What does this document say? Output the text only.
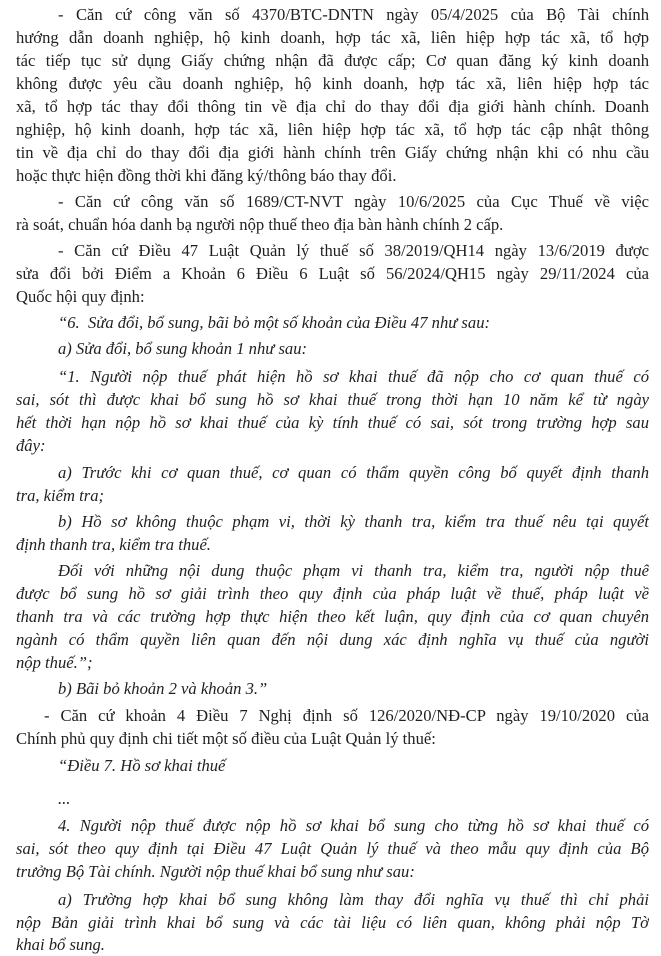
- Căn cứ công văn số 4370/BTC-DNTN ngày 05/4/2025 của Bộ Tài chính
hướng dẫn doanh nghiệp, hộ kinh doanh, hợp tác xã, liên hiệp hợp tác xã, tổ hợp
tác tiếp tục sử dụng Giấy chứng nhận đã được cấp; Cơ quan đăng ký kinh doanh
không được yêu cầu doanh nghiệp, hộ kinh doanh, hợp tác xã, liên hiệp hợp tác
xã, tổ hợp tác thay đổi thông tin về địa chỉ do thay đổi địa giới hành chính. Doanh
nghiệp, hộ kinh doanh, hợp tác xã, liên hiệp hợp tác xã, tổ hợp tác cập nhật thông
tin về địa chỉ do thay đổi địa giới hành chính trên Giấy chứng nhận khi có nhu cầu
hoặc thực hiện đồng thời khi đăng ký/thông báo thay đổi.
- Căn cứ công văn số 1689/CT-NVT ngày 10/6/2025 của Cục Thuế về việc
rà soát, chuẩn hóa danh bạ người nộp thuế theo địa bàn hành chính 2 cấp.
- Căn cứ Điều 47 Luật Quản lý thuế số 38/2019/QH14 ngày 13/6/2019 được
sửa đổi bởi Điểm a Khoản 6 Điều 6 Luật số 56/2024/QH15 ngày 29/11/2024 của
Quốc hội quy định:
“6.  Sửa đổi, bổ sung, bãi bỏ một số khoản của Điều 47 như sau:
a) Sửa đổi, bổ sung khoản 1 như sau:
“1. Người nộp thuế phát hiện hồ sơ khai thuế đã nộp cho cơ quan thuế có
sai, sót thì được khai bổ sung hồ sơ khai thuế trong thời hạn 10 năm kể từ ngày
hết thời hạn nộp hồ sơ khai thuế của kỳ tính thuế có sai, sót trong trường hợp sau
đây:
a) Trước khi cơ quan thuế, cơ quan có thẩm quyền công bố quyết định thanh
tra, kiểm tra;
b) Hồ sơ không thuộc phạm vi, thời kỳ thanh tra, kiểm tra thuế nêu tại quyết
định thanh tra, kiểm tra thuế.
Đối với những nội dung thuộc phạm vi thanh tra, kiểm tra, người nộp thuế
được bổ sung hồ sơ giải trình theo quy định của pháp luật về thuế, pháp luật về
thanh tra và các trường hợp thực hiện theo kết luận, quy định của cơ quan chuyên
ngành có thẩm quyền liên quan đến nội dung xác định nghĩa vụ thuế của người
nộp thuế.”;
b) Bãi bỏ khoản 2 và khoản 3.”
- Căn cứ khoản 4 Điều 7 Nghị định số 126/2020/NĐ-CP ngày 19/10/2020 của
Chính phủ quy định chi tiết một số điều của Luật Quản lý thuế:
“Điều 7. Hồ sơ khai thuế
...
4. Người nộp thuế được nộp hồ sơ khai bổ sung cho từng hồ sơ khai thuế có
sai, sót theo quy định tại Điều 47 Luật Quản lý thuế và theo mẫu quy định của Bộ
trưởng Bộ Tài chính. Người nộp thuế khai bổ sung như sau:
a) Trường hợp khai bổ sung không làm thay đổi nghĩa vụ thuế thì chỉ phải
nộp Bản giải trình khai bổ sung và các tài liệu có liên quan, không phải nộp Tờ
khai bổ sung.
